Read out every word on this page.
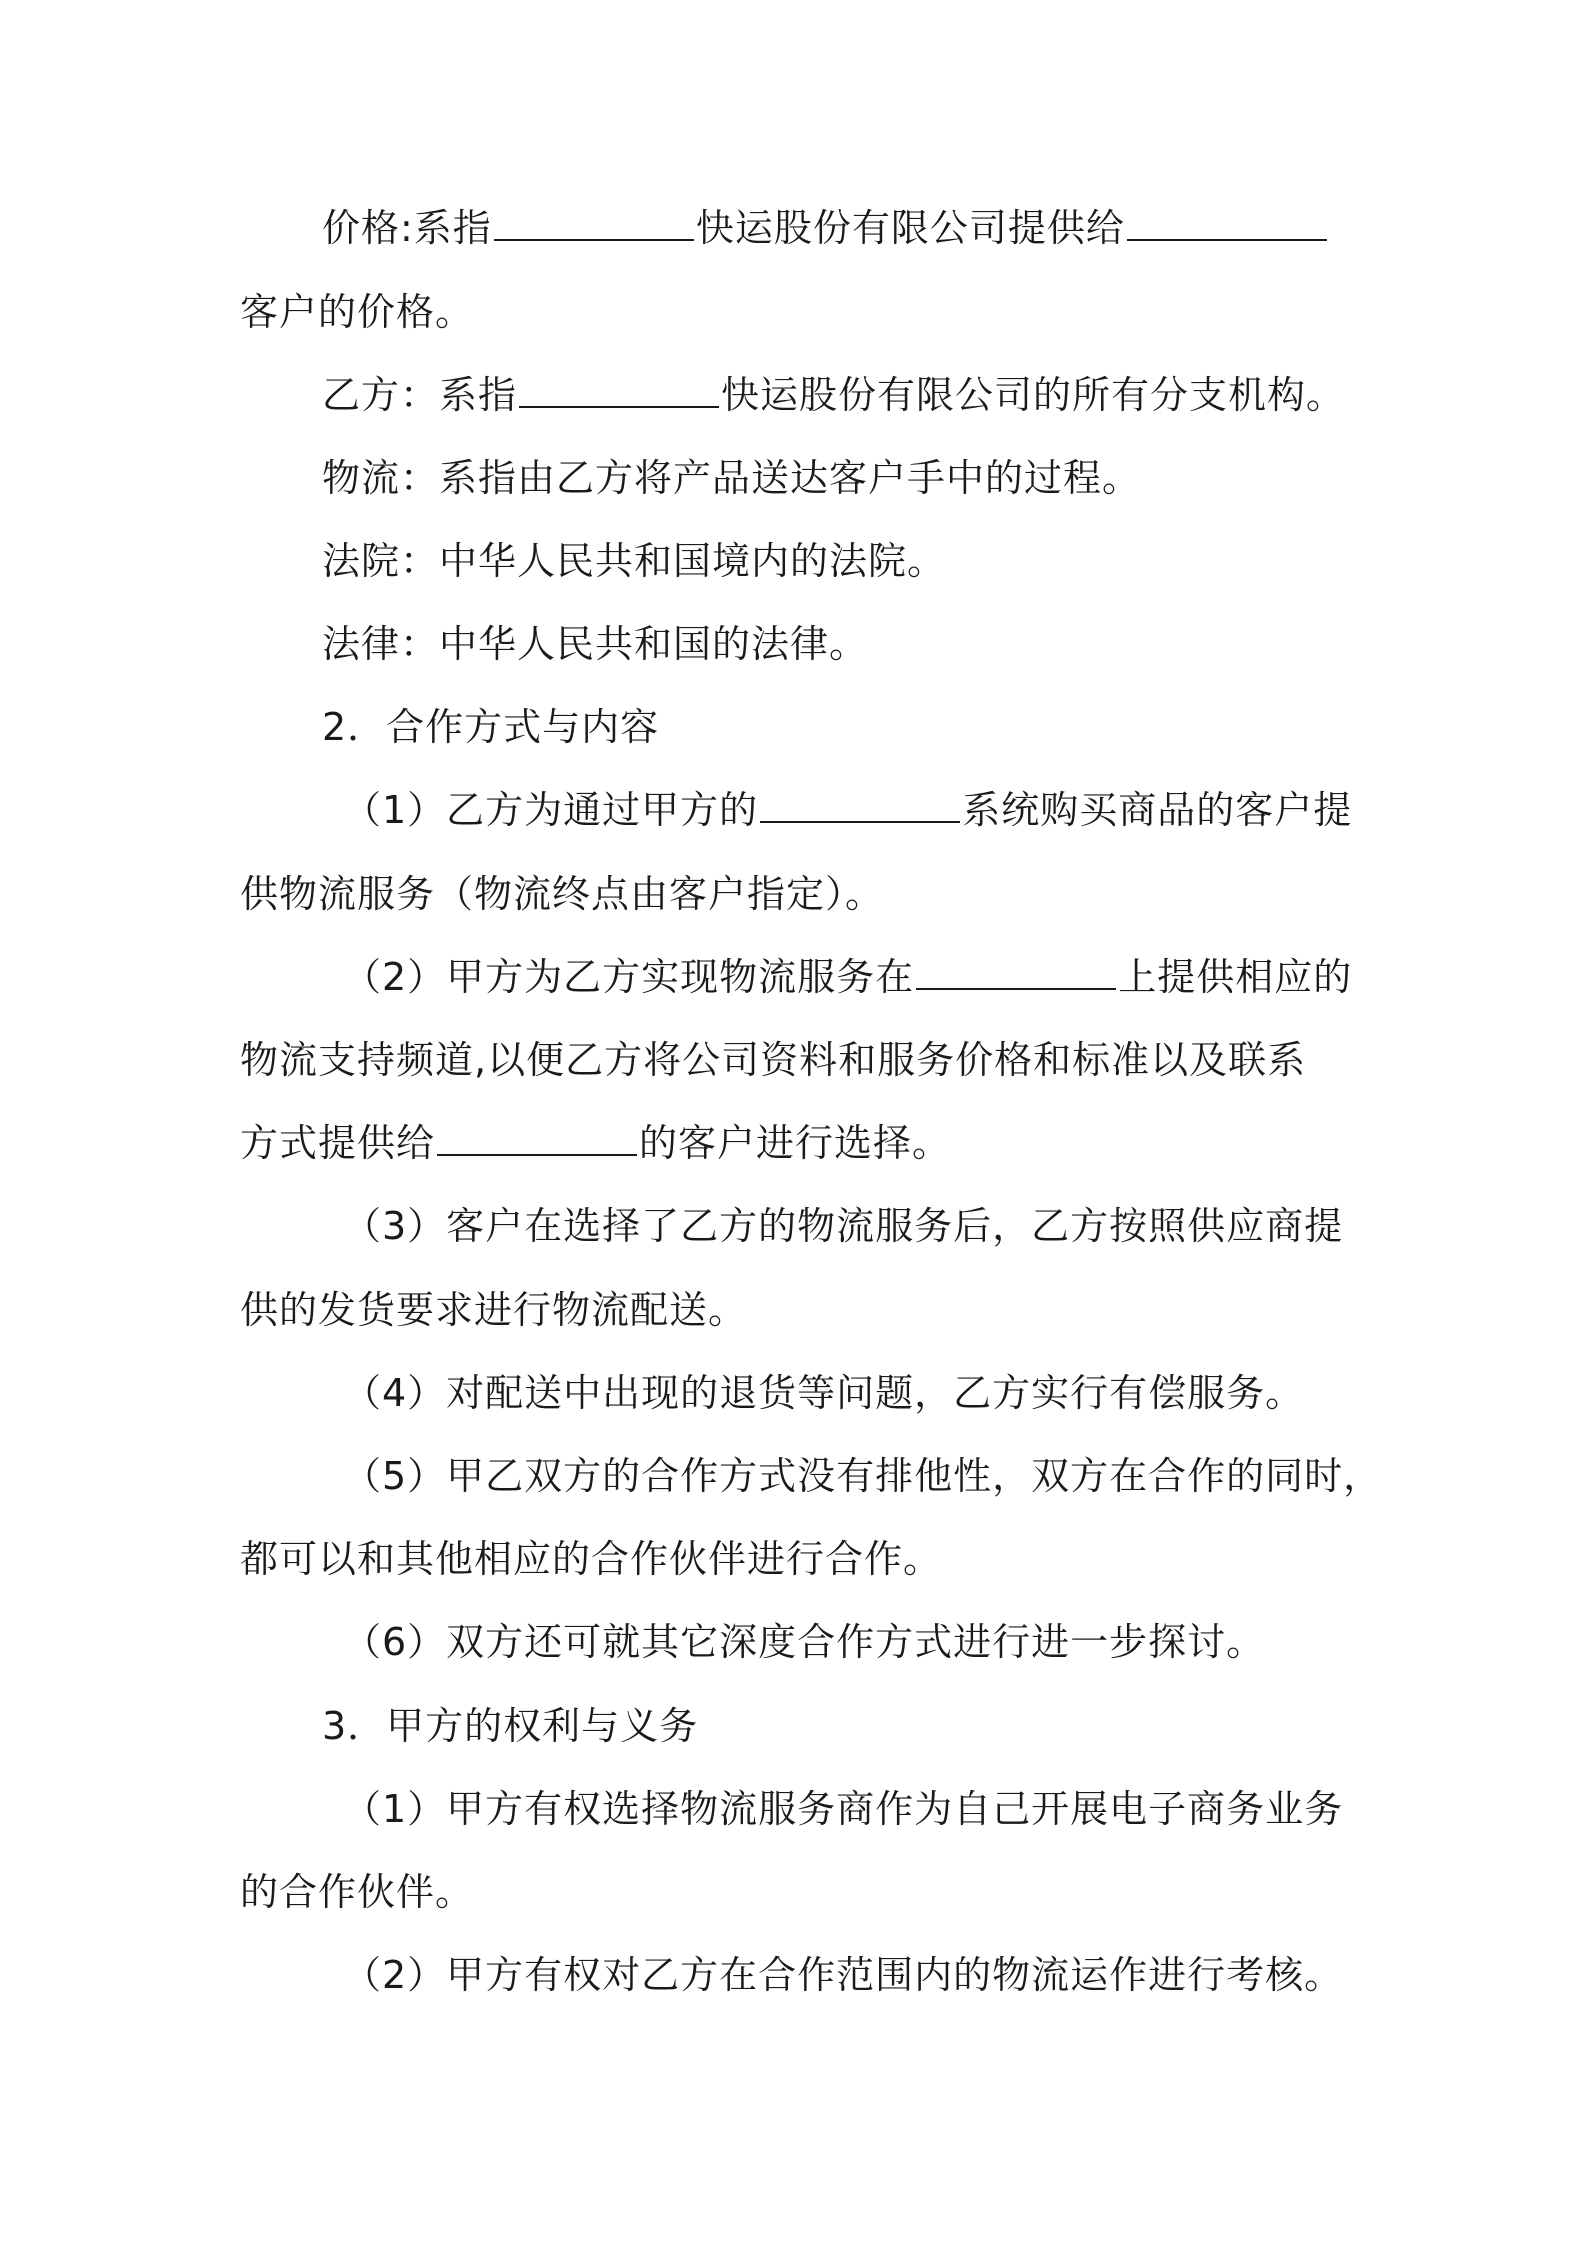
价格:系指	快运股份有限公司提供给
客户的价格。
乙方：系指	快运股份有限公司的所有分支机构。
物流：系指由乙方将产品送达客户手中的过程。
法院：中华人民共和国境内的法院。
法律：中华人民共和国的法律。
2．合作方式与内容
（1）乙方为通过甲方的	系统购买商品的客户提
供物流服务（物流终点由客户指定）。
（2）甲方为乙方实现物流服务在	上提供相应的
物流支持频道,以便乙方将公司资料和服务价格和标准以及联系
方式提供给	的客户进行选择。
（3）客户在选择了乙方的物流服务后，乙方按照供应商提
供的发货要求进行物流配送。
（4）对配送中出现的退货等问题，乙方实行有偿服务。
（5）甲乙双方的合作方式没有排他性，双方在合作的同时，
都可以和其他相应的合作伙伴进行合作。
（6）双方还可就其它深度合作方式进行进一步探讨。
3．甲方的权利与义务
（1）甲方有权选择物流服务商作为自己开展电子商务业务
的合作伙伴。
（2）甲方有权对乙方在合作范围内的物流运作进行考核。
